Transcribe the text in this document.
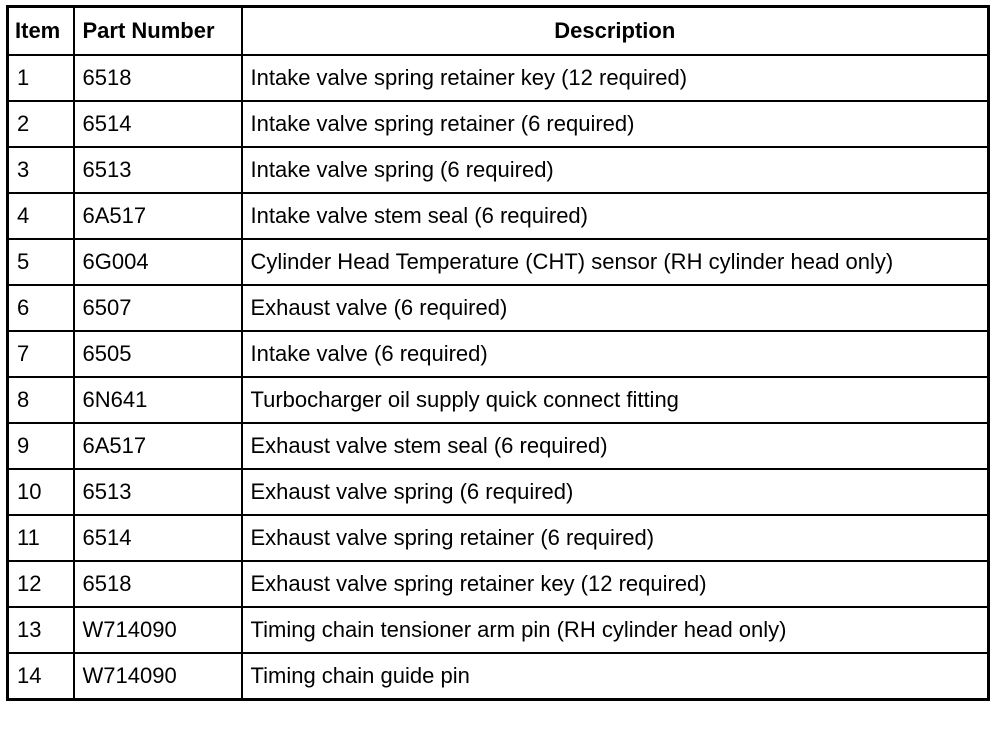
Item	Part Number	Description
1	6518	Intake valve spring retainer key (12 required)
2	6514	Intake valve spring retainer (6 required)
3	6513	Intake valve spring (6 required)
4	6A517	Intake valve stem seal (6 required)
5	6G004	Cylinder Head Temperature (CHT) sensor (RH cylinder head only)
6	6507	Exhaust valve (6 required)
7	6505	Intake valve (6 required)
8	6N641	Turbocharger oil supply quick connect fitting
9	6A517	Exhaust valve stem seal (6 required)
10	6513	Exhaust valve spring (6 required)
11	6514	Exhaust valve spring retainer (6 required)
12	6518	Exhaust valve spring retainer key (12 required)
13	W714090	Timing chain tensioner arm pin (RH cylinder head only)
14	W714090	Timing chain guide pin
